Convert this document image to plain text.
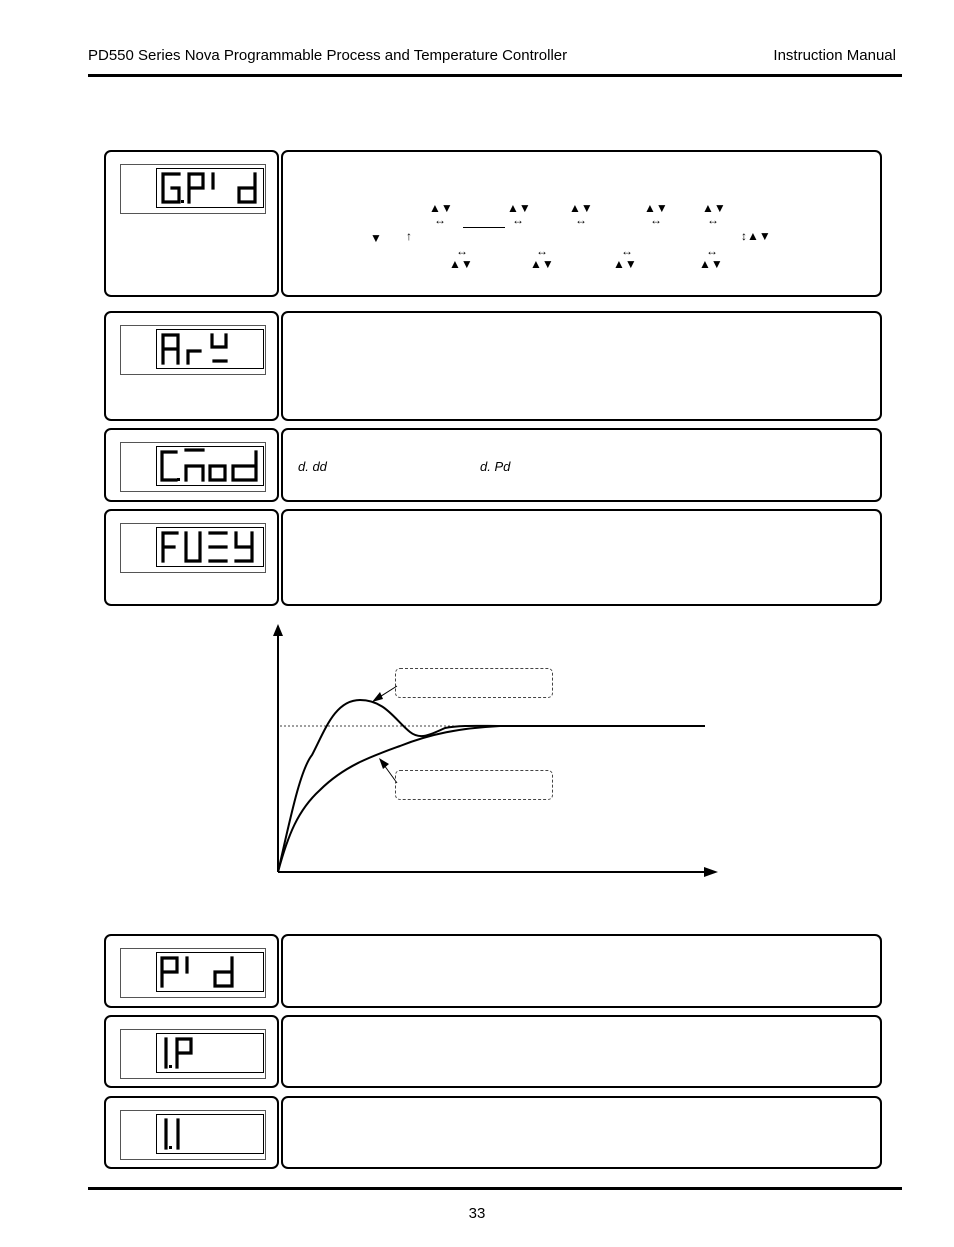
PD550 Series Nova Programmable Process and Temperature Controller	Instruction Manual
▲▼	▲▼	▲▼	▲▼	▲▼
↔	↔	↔	↔	↔
▼ ↑	↕▲▼
↔	↔	↔	↔
▲▼	▲▼	▲▼	▲▼
d. dd	d. Pd
33
